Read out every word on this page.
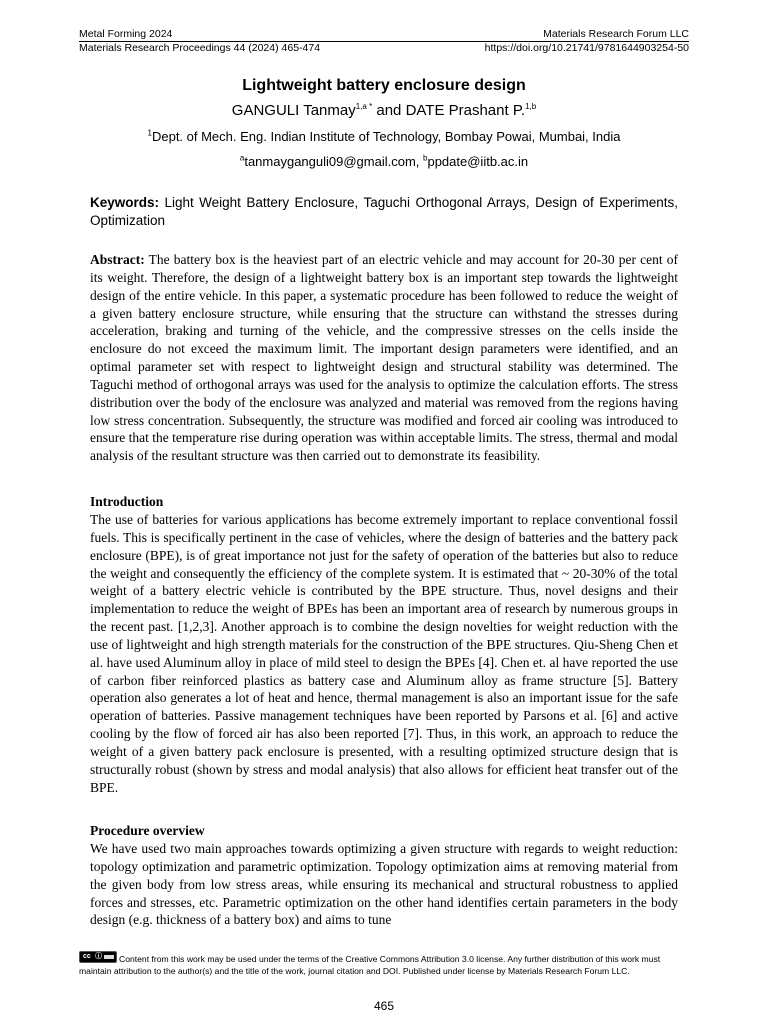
Metal Forming 2024	Materials Research Forum LLC
Materials Research Proceedings 44 (2024) 465-474	https://doi.org/10.21741/9781644903254-50
Lightweight battery enclosure design
GANGULI Tanmay$^{1,a *}$ and DATE Prashant P.$^{1,b}$
$^1$Dept. of Mech. Eng. Indian Institute of Technology, Bombay Powai, Mumbai, India
$^a$tanmayganguli09@gmail.com, $^b$ppdate@iitb.ac.in
Keywords: Light Weight Battery Enclosure, Taguchi Orthogonal Arrays, Design of Experiments, Optimization
Abstract: The battery box is the heaviest part of an electric vehicle and may account for 20-30 per cent of its weight. Therefore, the design of a lightweight battery box is an important step towards the lightweight design of the entire vehicle. In this paper, a systematic procedure has been followed to reduce the weight of a given battery enclosure structure, while ensuring that the structure can withstand the stresses during acceleration, braking and turning of the vehicle, and the compressive stresses on the cells inside the enclosure do not exceed the maximum limit. The important design parameters were identified, and an optimal parameter set with respect to lightweight design and structural stability was determined. The Taguchi method of orthogonal arrays was used for the analysis to optimize the calculation efforts. The stress distribution over the body of the enclosure was analyzed and material was removed from the regions having low stress concentration. Subsequently, the structure was modified and forced air cooling was introduced to ensure that the temperature rise during operation was within acceptable limits. The stress, thermal and modal analysis of the resultant structure was then carried out to demonstrate its feasibility.
Introduction
The use of batteries for various applications has become extremely important to replace conventional fossil fuels. This is specifically pertinent in the case of vehicles, where the design of batteries and the battery pack enclosure (BPE), is of great importance not just for the safety of operation of the batteries but also to reduce the weight and consequently the efficiency of the complete system. It is estimated that ~ 20-30% of the total weight of a battery electric vehicle is contributed by the BPE structure. Thus, novel designs and their implementation to reduce the weight of BPEs has been an important area of research by numerous groups in the recent past. [1,2,3]. Another approach is to combine the design novelties for weight reduction with the use of lightweight and high strength materials for the construction of the BPE structures. Qiu-Sheng Chen et al. have used Aluminum alloy in place of mild steel to design the BPEs [4]. Chen et. al have reported the use of carbon fiber reinforced plastics as battery case and Aluminum alloy as frame structure [5]. Battery operation also generates a lot of heat and hence, thermal management is also an important issue for the safe operation of batteries. Passive management techniques have been reported by Parsons et al. [6] and active cooling by the flow of forced air has also been reported [7]. Thus, in this work, an approach to reduce the weight of a given battery pack enclosure is presented, with a resulting optimized structure design that is structurally robust (shown by stress and modal analysis) that also allows for efficient heat transfer out of the BPE.
Procedure overview
We have used two main approaches towards optimizing a given structure with regards to weight reduction: topology optimization and parametric optimization. Topology optimization aims at removing material from the given body from low stress areas, while ensuring its mechanical and structural robustness to applied forces and stresses, etc. Parametric optimization on the other hand identifies certain parameters in the body design (e.g. thickness of a battery box) and aims to tune
cc ⓘ Content from this work may be used under the terms of the Creative Commons Attribution 3.0 license. Any further distribution of this work must maintain attribution to the author(s) and the title of the work, journal citation and DOI. Published under license by Materials Research Forum LLC.
465
